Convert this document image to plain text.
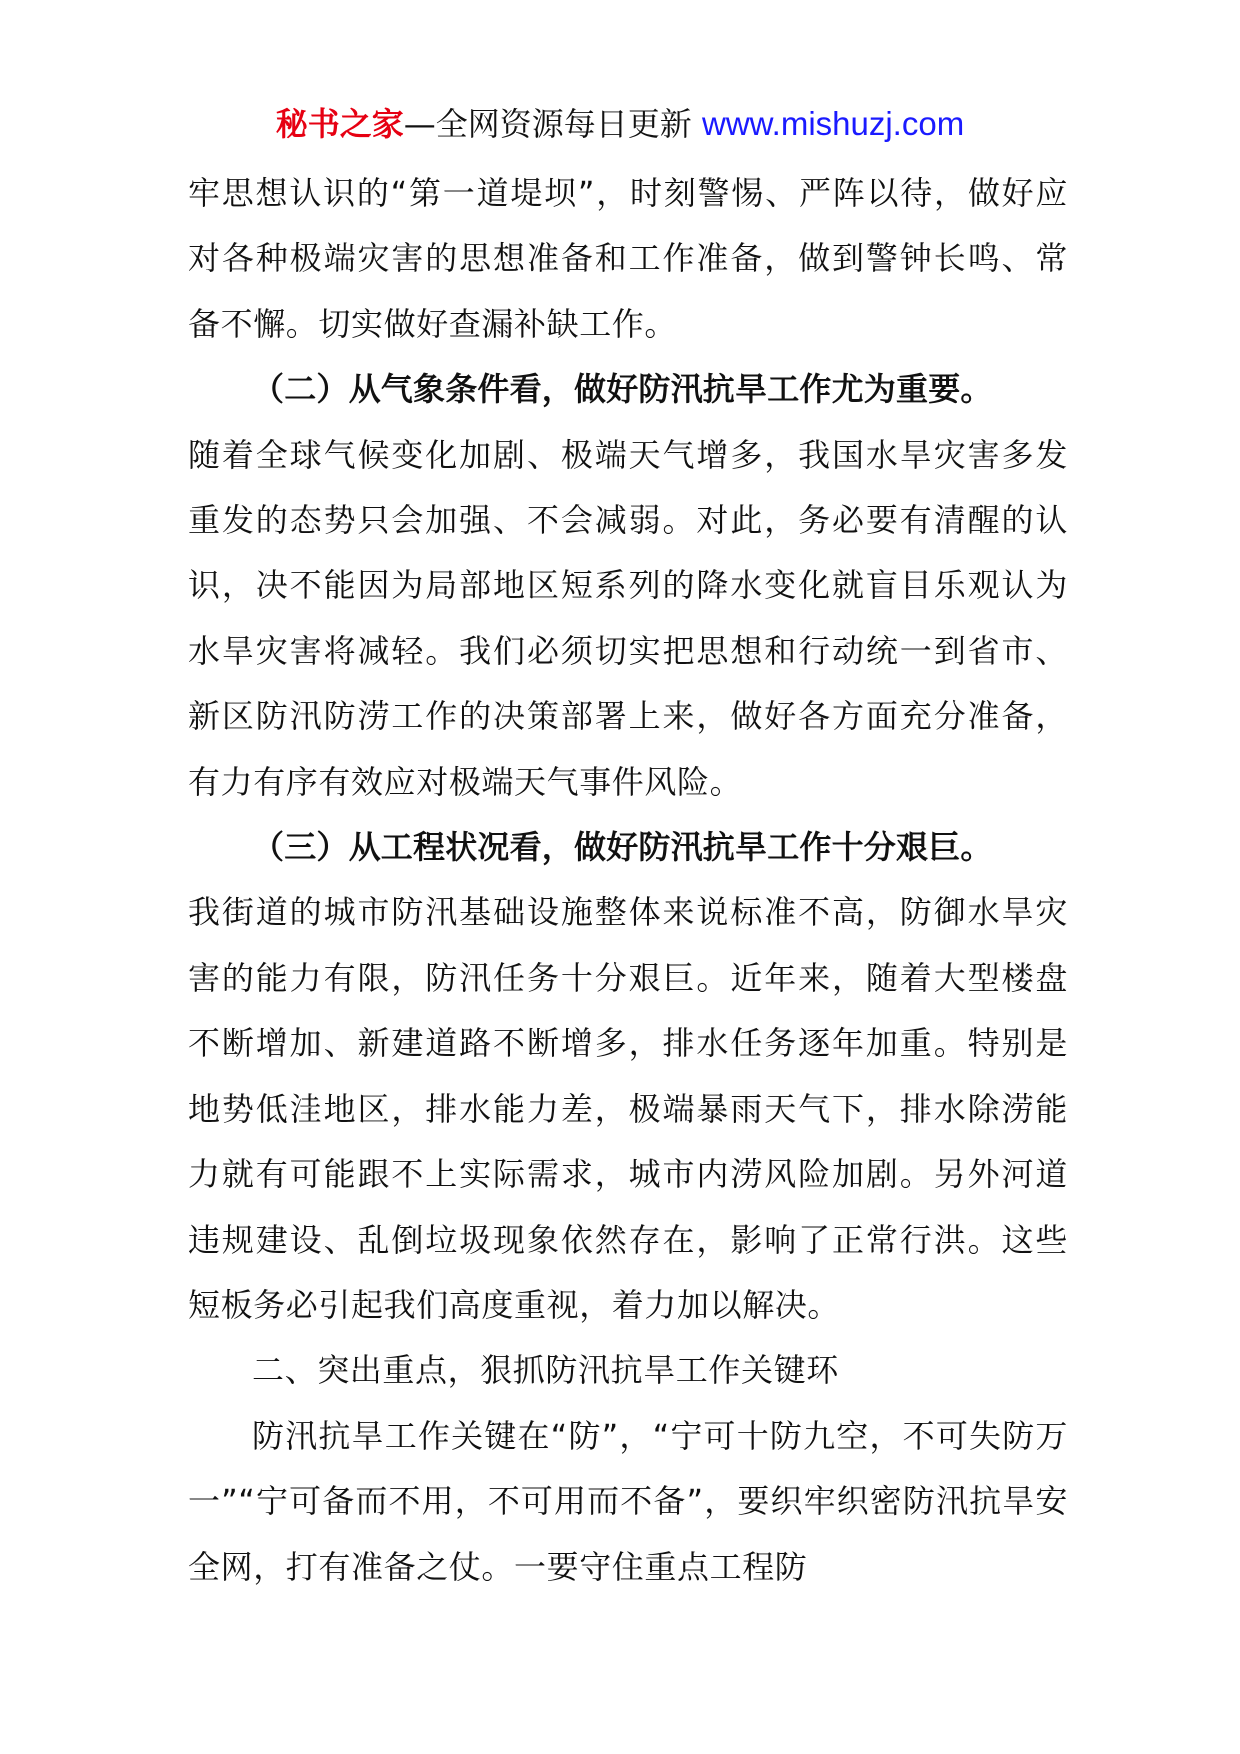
秘书之家—全网资源每日更新 www.mishuzj.com

牢思想认识的“第一道堤坝”，时刻警惕、严阵以待，做好应对各种极端灾害的思想准备和工作准备，做到警钟长鸣、常备不懈。切实做好查漏补缺工作。

（二）从气象条件看，做好防汛抗旱工作尤为重要。

随着全球气候变化加剧、极端天气增多，我国水旱灾害多发重发的态势只会加强、不会减弱。对此，务必要有清醒的认识，决不能因为局部地区短系列的降水变化就盲目乐观认为水旱灾害将减轻。我们必须切实把思想和行动统一到省市、新区防汛防涝工作的决策部署上来，做好各方面充分准备，有力有序有效应对极端天气事件风险。

（三）从工程状况看，做好防汛抗旱工作十分艰巨。

我街道的城市防汛基础设施整体来说标准不高，防御水旱灾害的能力有限，防汛任务十分艰巨。近年来，随着大型楼盘不断增加、新建道路不断增多，排水任务逐年加重。特别是地势低洼地区，排水能力差，极端暴雨天气下，排水除涝能力就有可能跟不上实际需求，城市内涝风险加剧。另外河道违规建设、乱倒垃圾现象依然存在，影响了正常行洪。这些短板务必引起我们高度重视，着力加以解决。

二、突出重点，狠抓防汛抗旱工作关键环

防汛抗旱工作关键在“防”，“宁可十防九空，不可失防万一”“宁可备而不用，不可用而不备”，要织牢织密防汛抗旱安全网，打有准备之仗。一要守住重点工程防
